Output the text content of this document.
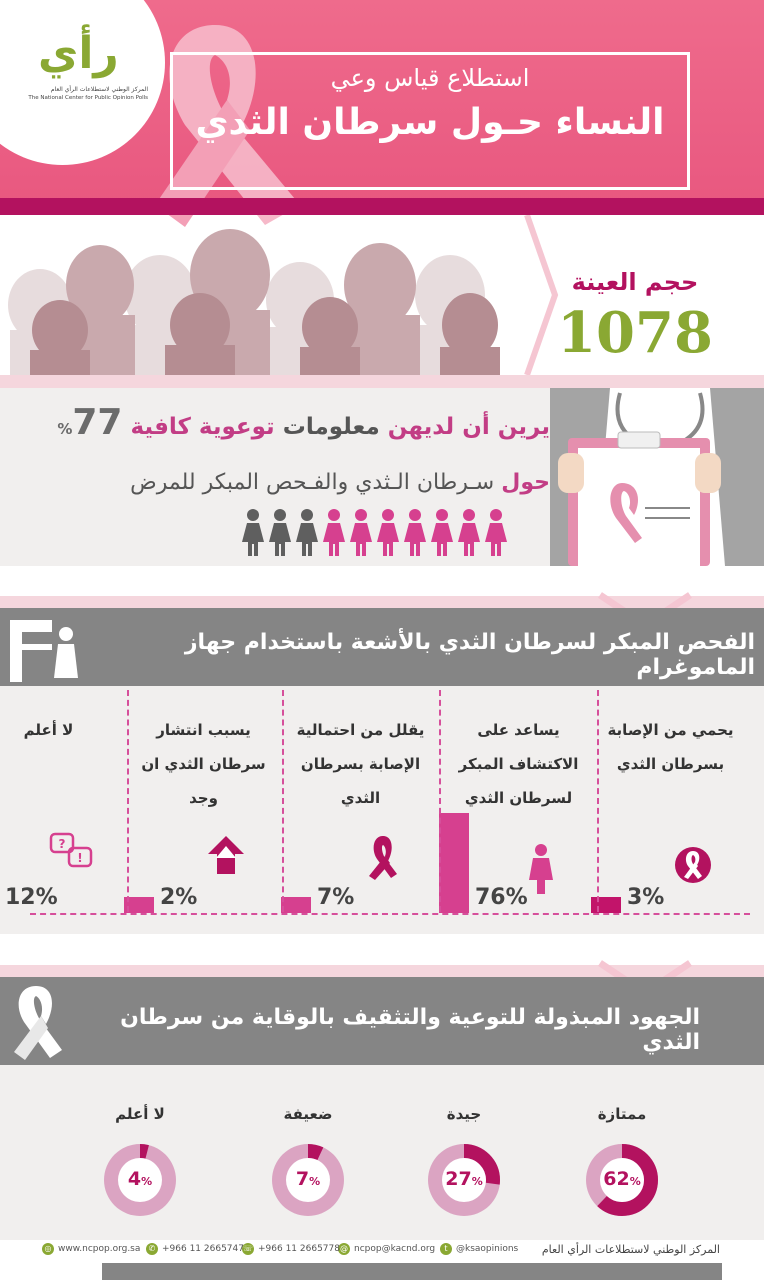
رأي
المركز الوطني لاستطلاعات الرأي العام
The National Center for Public Opinion Polls
استطلاع قياس وعي
النساء حـول سرطان الثدي
حجم العينة
1078
يرين أن لديهن معلومات توعوية كافية 77%
حول سـرطان الـثدي والفـحص المبكر للمرض
الفحص المبكر لسرطان الثدي بالأشعة باستخدام جهاز الماموغرام
يحمي من الإصابة بسرطان الثدي
3%
يساعد على الاكتشاف المبكر لسرطان الثدي
76%
يقلل من احتمالية الإصابة بسرطان الثدي
7%
يسبب انتشار سرطان الثدي ان وجد
2%
لا أعلم
?
!
12%
الجهود المبذولة للتوعية والتثقيف بالوقاية من سرطان الثدي
ممتازة
62%
جيدة
27%
ضعيفة
7%
لا أعلم
4%
المركز الوطني لاستطلاعات الرأي العام
t @ksaopinions
@ ncpop@kacnd.org
☏ +966 11 2665778
✆ +966 11 2665747
◎ www.ncpop.org.sa
